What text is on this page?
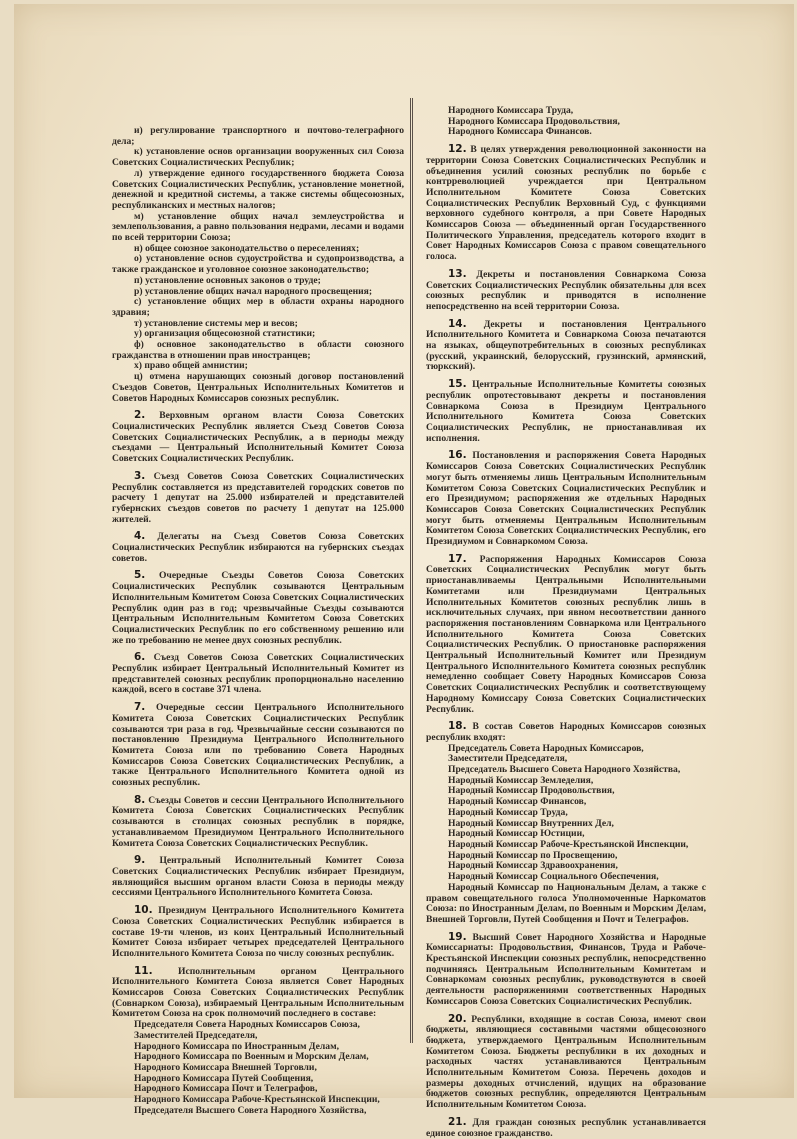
и) регулирование транспортного и почтово-телеграфного дела;

к) установление основ организации вооруженных сил Союза Советских Социалистических Республик;

л) утверждение единого государственного бюджета Союза Советских Социалистических Республик, установление монетной, денежной и кредитной системы, а также системы общесоюзных, республиканских и местных налогов;

м) установление общих начал землеустройства и землепользования, а равно пользования недрами, лесами и водами по всей территории Союза;

н) общее союзное законодательство о переселениях;

о) установление основ судоустройства и судопроизводства, а также гражданское и уголовное союзное законодательство;

п) установление основных законов о труде;

р) установление общих начал народного просвещения;

с) установление общих мер в области охраны народного здравия;

т) установление системы мер и весов;

у) организация общесоюзной статистики;

ф) основное законодательство в области союзного гражданства в отношении прав иностранцев;

х) право общей амнистии;

ц) отмена нарушающих союзный договор постановлений Съездов Советов, Центральных Исполнительных Комитетов и Советов Народных Комиссаров союзных республик.

2. Верховным органом власти Союза Советских Социалистических Республик является Съезд Советов Союза Советских Социалистических Республик, а в периоды между съездами — Центральный Исполнительный Комитет Союза Советских Социалистических Республик.

3. Съезд Советов Союза Советских Социалистических Республик составляется из представителей городских советов по расчету 1 депутат на 25.000 избирателей и представителей губернских съездов советов по расчету 1 депутат на 125.000 жителей.

4. Делегаты на Съезд Советов Союза Советских Социалистических Республик избираются на губернских съездах советов.

5. Очередные Съезды Советов Союза Советских Социалистических Республик созываются Центральным Исполнительным Комитетом Союза Советских Социалистических Республик один раз в год; чрезвычайные Съезды созываются Центральным Исполнительным Комитетом Союза Советских Социалистических Республик по его собственному решению или же по требованию не менее двух союзных республик.

6. Съезд Советов Союза Советских Социалистических Республик избирает Центральный Исполнительный Комитет из представителей союзных республик пропорционально населению каждой, всего в составе 371 члена.

7. Очередные сессии Центрального Исполнительного Комитета Союза Советских Социалистических Республик созываются три раза в год. Чрезвычайные сессии созываются по постановлению Президиума Центрального Исполнительного Комитета Союза или по требованию Совета Народных Комиссаров Союза Советских Социалистических Республик, а также Центрального Исполнительного Комитета одной из союзных республик.

8. Съезды Советов и сессии Центрального Исполнительного Комитета Союза Советских Социалистических Республик созываются в столицах союзных республик в порядке, устанавливаемом Президиумом Центрального Исполнительного Комитета Союза Советских Социалистических Республик.

9. Центральный Исполнительный Комитет Союза Советских Социалистических Республик избирает Президиум, являющийся высшим органом власти Союза в периоды между сессиями Центрального Исполнительного Комитета Союза.

10. Президиум Центрального Исполнительного Комитета Союза Советских Социалистических Республик избирается в составе 19-ти членов, из коих Центральный Исполнительный Комитет Союза избирает четырех председателей Центрального Исполнительного Комитета Союза по числу союзных республик.

11.	Исполнительным органом Центрального Исполнительного Комитета Союза является Совет Народных Комиссаров Союза Советских Социалистических Республик (Совнарком Союза), избираемый Центральным Исполнительным Комитетом Союза на срок полномочий последнего в составе:

Председателя Совета Народных Комиссаров Союза,

Заместителей Председателя,

Народного Комиссара по Иностранным Делам,

Народного Комиссара по Военным и Морским Делам,

Народного Комиссара Внешней Торговли,

Народного Комиссара Путей Сообщения,

Народного Комиссара Почт и Телеграфов,

Народного Комиссара Рабоче-Крестьянской Инспекции,

Председателя Высшего Совета Народного Хозяйства,

Народного Комиссара Труда,

Народного Комиссара Продовольствия,

Народного Комиссара Финансов.

12. В целях утверждения революционной законности на территории Союза Советских Социалистических Республик и объединения усилий союзных республик по борьбе с контрреволюцией учреждается при Центральном Исполнительном Комитете Союза Советских Социалистических Республик Верховный Суд, с функциями верховного судебного контроля, а при Совете Народных Комиссаров Союза — объединенный орган Государственного Политического Управления, председатель которого входит в Совет Народных Комиссаров Союза с правом совещательного голоса.

13. Декреты и постановления Совнаркома Союза Советских Социалистических Республик обязательны для всех союзных республик и приводятся в исполнение непосредственно на всей территории Союза.

14. Декреты и постановления Центрального Исполнительного Комитета и Совнаркома Союза печатаются на языках, общеупотребительных в союзных республиках (русский, украинский, белорусский, грузинский, армянский, тюркский).

15. Центральные Исполнительные Комитеты союзных республик опротестовывают декреты и постановления Совнаркома Союза в Президиум Центрального Исполнительного Комитета Союза Советских Социалистических Республик, не приостанавливая их исполнения.

16. Постановления и распоряжения Совета Народных Комиссаров Союза Советских Социалистических Республик могут быть отменяемы лишь Центральным Исполнительным Комитетом Союза Советских Социалистических Республик и его Президиумом; распоряжения же отдельных Народных Комиссаров Союза Советских Социалистических Республик могут быть отменяемы Центральным Исполнительным Комитетом Союза Советских Социалистических Республик, его Президиумом и Совнаркомом Союза.

17. Распоряжения Народных Комиссаров Союза Советских Социалистических Республик могут быть приостанавливаемы Центральными Исполнительными Комитетами или Президиумами Центральных Исполнительных Комитетов союзных республик лишь в исключительных случаях, при явном несоответствии данного распоряжения постановлениям Совнаркома или Центрального Исполнительного Комитета Союза Советских Социалистических Республик. О приостановке распоряжения Центральный Исполнительный Комитет или Президиум Центрального Исполнительного Комитета союзных республик немедленно сообщает Совету Народных Комиссаров Союза Советских Социалистических Республик и соответствующему Народному Комиссару Союза Советских Социалистических Республик.

18. В состав Советов Народных Комиссаров союзных республик входят:

Председатель Совета Народных Комиссаров,

Заместители Председателя,

Председатель Высшего Совета Народного Хозяйства,

Народный Комиссар Земледелия,

Народный Комиссар Продовольствия,

Народный Комиссар Финансов,

Народный Комиссар Труда,

Народный Комиссар Внутренних Дел,

Народный Комиссар Юстиции,

Народный Комиссар Рабоче-Крестьянской Инспекции,

Народный Комиссар по Просвещению,

Народный Комиссар Здравоохранения,

Народный Комиссар Социального Обеспечения,

Народный Комиссар по Национальным Делам, а также с правом совещательного голоса Уполномоченные Наркоматов Союза: по Иностранным Делам, по Военным и Морским Делам, Внешней Торговли, Путей Сообщения и Почт и Телеграфов.

19. Высший Совет Народного Хозяйства и Народные Комиссариаты: Продовольствия, Финансов, Труда и Рабоче-Крестьянской Инспекции союзных республик, непосредственно подчиняясь Центральным Исполнительным Комитетам и Совнаркомам союзных республик, руководствуются в своей деятельности распоряжениями соответственных Народных Комиссаров Союза Советских Социалистических Республик.

20. Республики, входящие в состав Союза, имеют свои бюджеты, являющиеся составными частями общесоюзного бюджета, утверждаемого Центральным Исполнительным Комитетом Союза. Бюджеты республики в их доходных и расходных частях устанавливаются Центральным Исполнительным Комитетом Союза. Перечень доходов и размеры доходных отчислений, идущих на образование бюджетов союзных республик, определяются Центральным Исполнительным Комитетом Союза.

21. Для граждан союзных республик устанавливается единое союзное гражданство.
